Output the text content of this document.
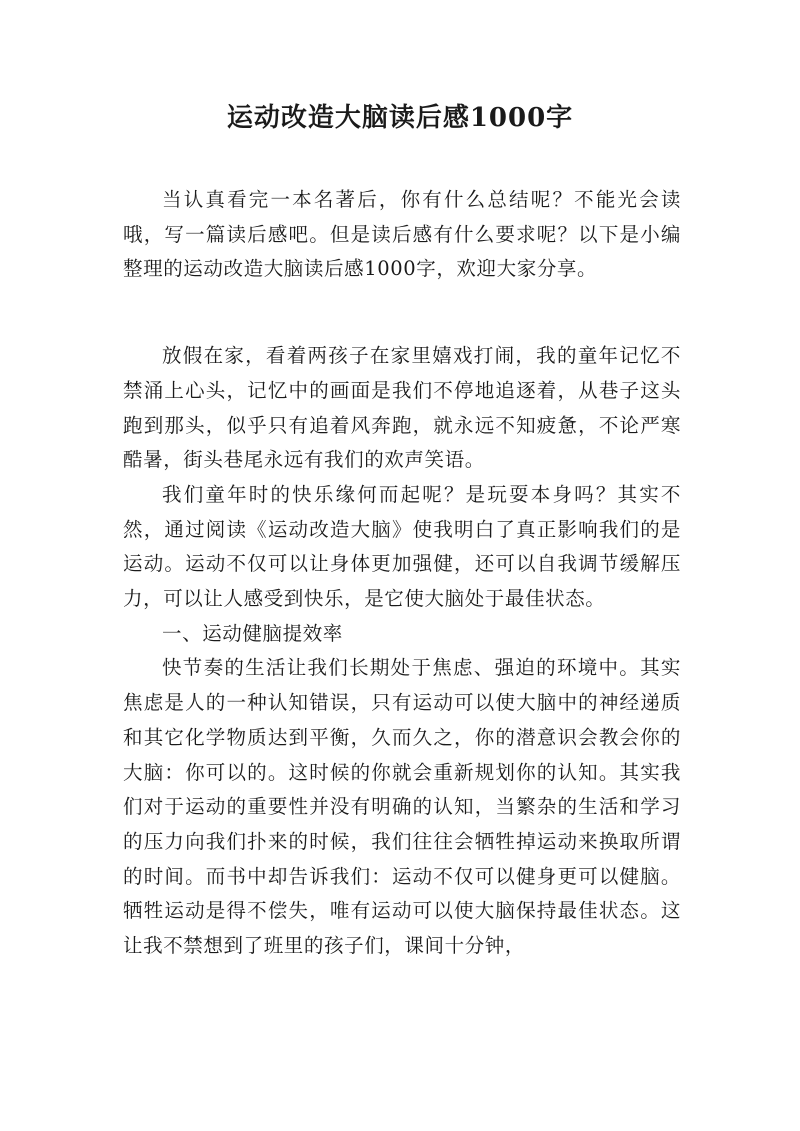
运动改造大脑读后感1000字

当认真看完一本名著后，你有什么总结呢？不能光会读哦，写一篇读后感吧。但是读后感有什么要求呢？以下是小编整理的运动改造大脑读后感1000字，欢迎大家分享。

放假在家，看着两孩子在家里嬉戏打闹，我的童年记忆不禁涌上心头，记忆中的画面是我们不停地追逐着，从巷子这头跑到那头，似乎只有追着风奔跑，就永远不知疲惫，不论严寒酷暑，街头巷尾永远有我们的欢声笑语。

我们童年时的快乐缘何而起呢？是玩耍本身吗？其实不然，通过阅读《运动改造大脑》使我明白了真正影响我们的是运动。运动不仅可以让身体更加强健，还可以自我调节缓解压力，可以让人感受到快乐，是它使大脑处于最佳状态。

一、运动健脑提效率

快节奏的生活让我们长期处于焦虑、强迫的环境中。其实焦虑是人的一种认知错误，只有运动可以使大脑中的神经递质和其它化学物质达到平衡，久而久之，你的潜意识会教会你的大脑：你可以的。这时候的你就会重新规划你的认知。其实我们对于运动的重要性并没有明确的认知，当繁杂的生活和学习的压力向我们扑来的时候，我们往往会牺牲掉运动来换取所谓的时间。而书中却告诉我们：运动不仅可以健身更可以健脑。牺牲运动是得不偿失，唯有运动可以使大脑保持最佳状态。这让我不禁想到了班里的孩子们，课间十分钟，
